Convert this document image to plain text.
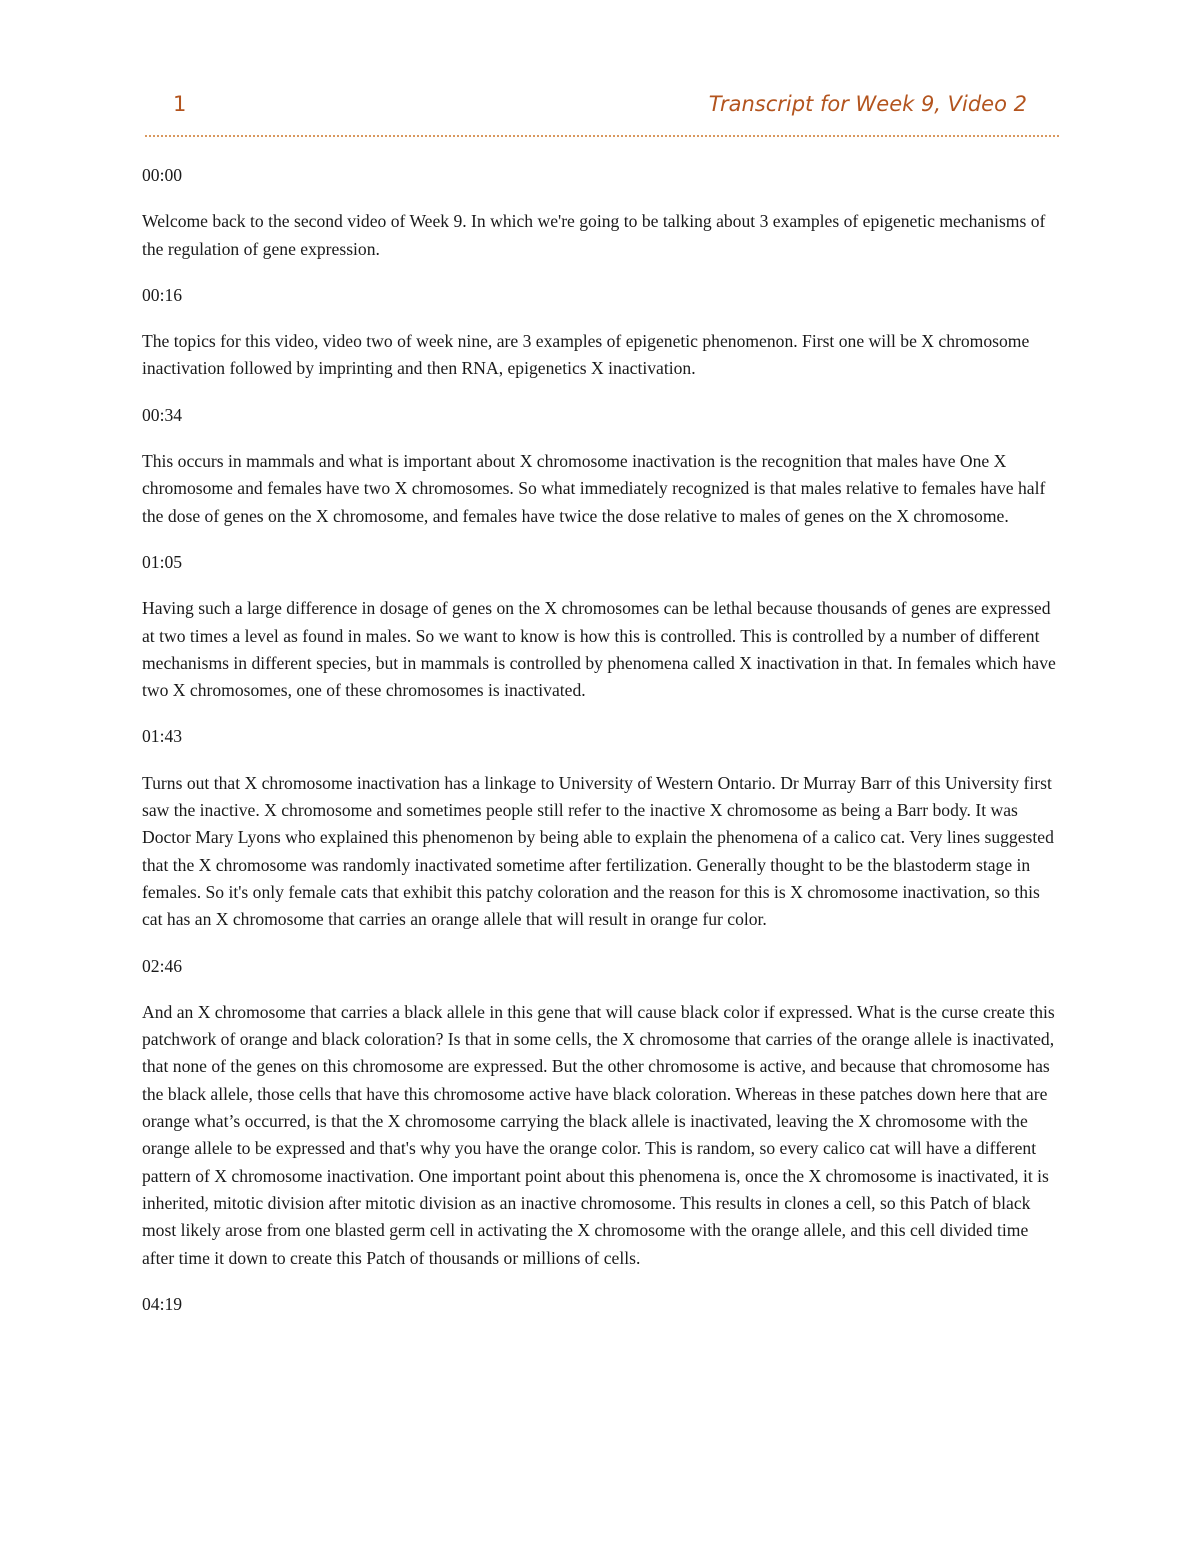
1	Transcript for Week 9, Video 2

00:00

Welcome back to the second video of Week 9. In which we're going to be talking about 3 examples of epigenetic mechanisms of the regulation of gene expression.

00:16

The topics for this video, video two of week nine, are 3 examples of epigenetic phenomenon. First one will be X chromosome inactivation followed by imprinting and then RNA, epigenetics X inactivation.

00:34

This occurs in mammals and what is important about X chromosome inactivation is the recognition that males have One X chromosome and females have two X chromosomes. So what immediately recognized is that males relative to females have half the dose of genes on the X chromosome, and females have twice the dose relative to males of genes on the X chromosome.

01:05

Having such a large difference in dosage of genes on the X chromosomes can be lethal because thousands of genes are expressed at two times a level as found in males. So we want to know is how this is controlled. This is controlled by a number of different mechanisms in different species, but in mammals is controlled by phenomena called X inactivation in that. In females which have two X chromosomes, one of these chromosomes is inactivated.

01:43

Turns out that X chromosome inactivation has a linkage to University of Western Ontario. Dr Murray Barr of this University first saw the inactive. X chromosome and sometimes people still refer to the inactive X chromosome as being a Barr body. It was Doctor Mary Lyons who explained this phenomenon by being able to explain the phenomena of a calico cat. Very lines suggested that the X chromosome was randomly inactivated sometime after fertilization. Generally thought to be the blastoderm stage in females. So it's only female cats that exhibit this patchy coloration and the reason for this is X chromosome inactivation, so this cat has an X chromosome that carries an orange allele that will result in orange fur color.

02:46

And an X chromosome that carries a black allele in this gene that will cause black color if expressed. What is the curse create this patchwork of orange and black coloration? Is that in some cells, the X chromosome that carries of the orange allele is inactivated, that none of the genes on this chromosome are expressed. But the other chromosome is active, and because that chromosome has the black allele, those cells that have this chromosome active have black coloration. Whereas in these patches down here that are orange what’s occurred, is that the X chromosome carrying the black allele is inactivated, leaving the X chromosome with the orange allele to be expressed and that's why you have the orange color. This is random, so every calico cat will have a different pattern of X chromosome inactivation. One important point about this phenomena is, once the X chromosome is inactivated, it is inherited, mitotic division after mitotic division as an inactive chromosome. This results in clones a cell, so this Patch of black most likely arose from one blasted germ cell in activating the X chromosome with the orange allele, and this cell divided time after time it down to create this Patch of thousands or millions of cells.

04:19
